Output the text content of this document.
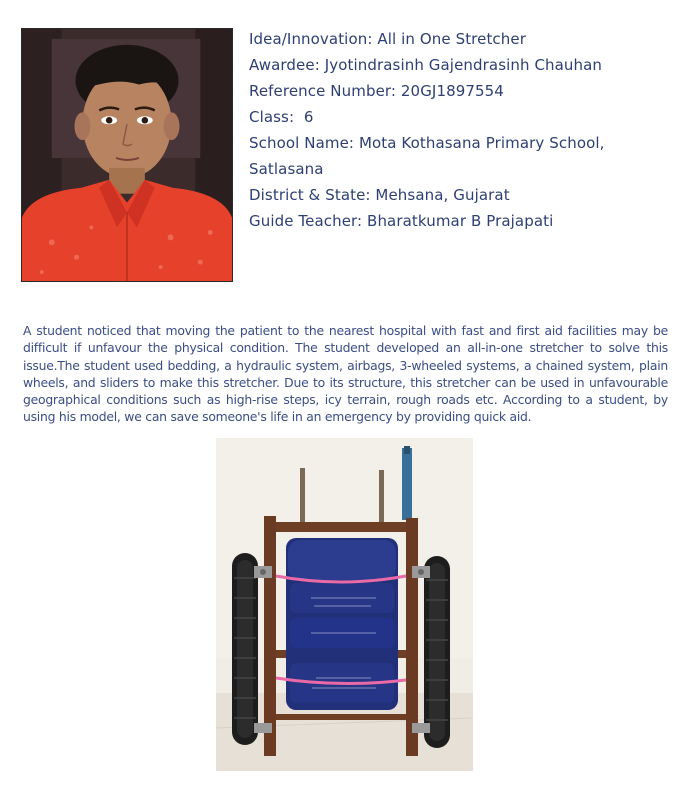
Idea/Innovation: All in One Stretcher
Awardee: Jyotindrasinh Gajendrasinh Chauhan
Reference Number: 20GJ1897554
Class:  6
School Name: Mota Kothasana Primary School,
Satlasana
District & State: Mehsana, Gujarat
Guide Teacher: Bharatkumar B Prajapati

A student noticed that moving the patient to the nearest hospital with fast and first aid facilities may be difficult if unfavour the physical condition. The student developed an all-in-one stretcher to solve this issue.The student used bedding, a hydraulic system, airbags, 3-wheeled systems, a chained system, plain wheels, and sliders to make this stretcher. Due to its structure, this stretcher can be used in unfavourable geographical conditions such as high-rise steps, icy terrain, rough roads etc. According to a student, by using his model, we can save someone's life in an emergency by providing quick aid.
